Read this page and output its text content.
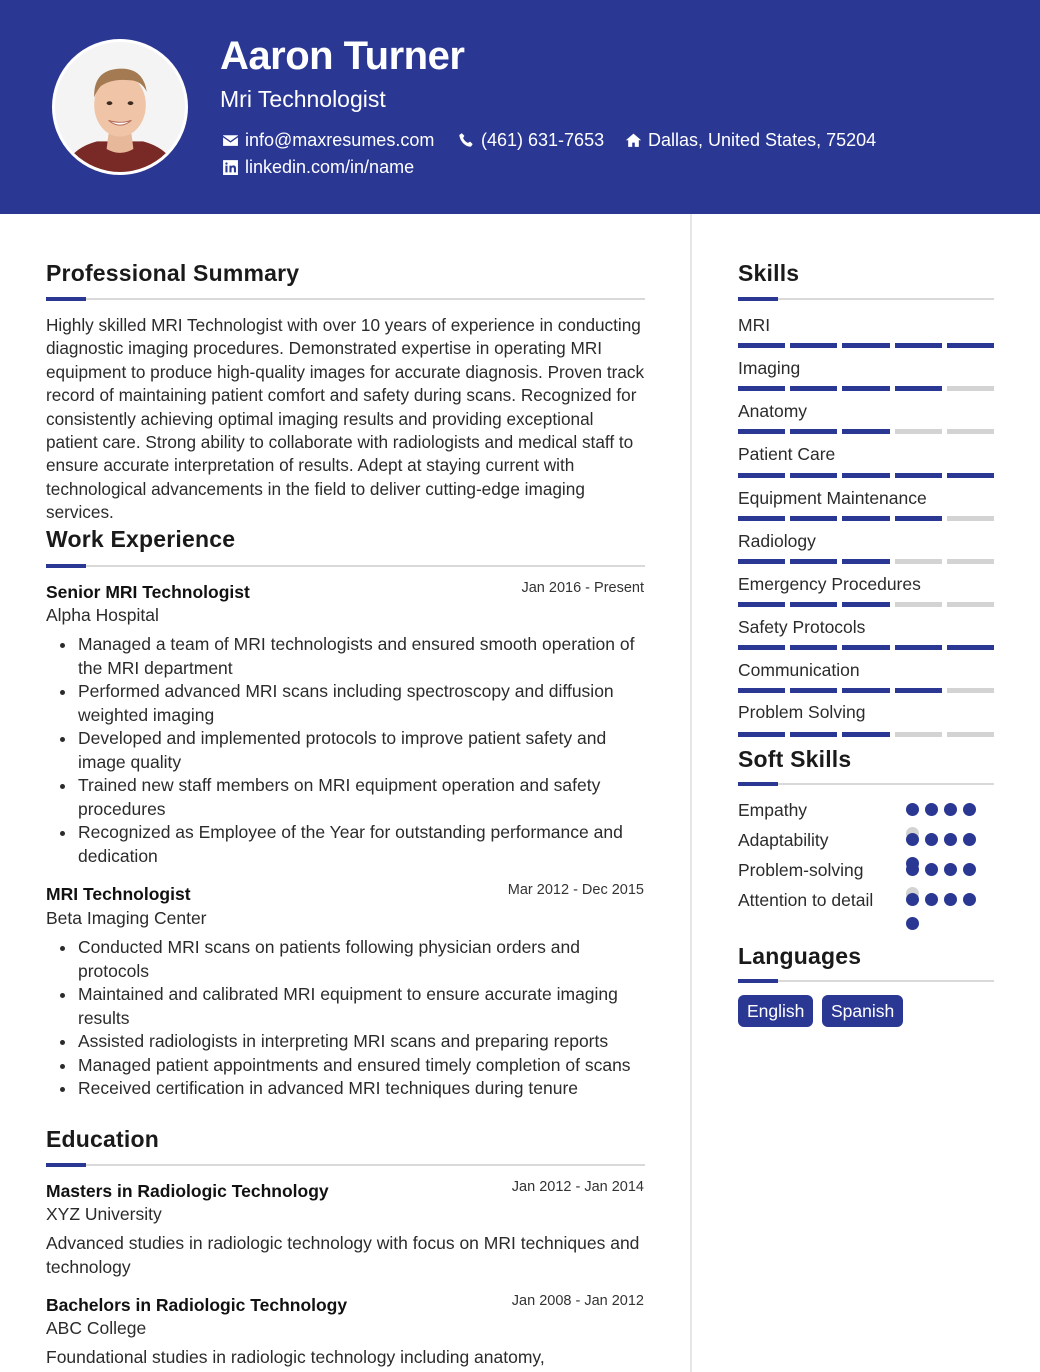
Aaron Turner
Mri Technologist
info@maxresumes.com	(461) 631-7653 Dallas, United States, 75204
linkedin.com/in/name
Professional Summary
Highly skilled MRI Technologist with over 10 years of experience in conducting diagnostic imaging procedures. Demonstrated expertise in operating MRI equipment to produce high-quality images for accurate diagnosis. Proven track record of maintaining patient comfort and safety during scans. Recognized for consistently achieving optimal imaging results and providing exceptional patient care. Strong ability to collaborate with radiologists and medical staff to ensure accurate interpretation of results. Adept at staying current with technological advancements in the field to deliver cutting-edge imaging services.
Work Experience
Senior MRI Technologist	Jan 2016 - Present
Alpha Hospital
Managed a team of MRI technologists and ensured smooth operation of the MRI department
Performed advanced MRI scans including spectroscopy and diffusion weighted imaging
Developed and implemented protocols to improve patient safety and image quality
Trained new staff members on MRI equipment operation and safety procedures
Recognized as Employee of the Year for outstanding performance and dedication
MRI Technologist	Mar 2012 - Dec 2015
Beta Imaging Center
Conducted MRI scans on patients following physician orders and protocols
Maintained and calibrated MRI equipment to ensure accurate imaging results
Assisted radiologists in interpreting MRI scans and preparing reports
Managed patient appointments and ensured timely completion of scans
Received certification in advanced MRI techniques during tenure
Education
Masters in Radiologic Technology	Jan 2012 - Jan 2014
XYZ University
Advanced studies in radiologic technology with focus on MRI techniques and technology
Bachelors in Radiologic Technology	Jan 2008 - Jan 2012
ABC College
Foundational studies in radiologic technology including anatomy,
Skills
MRI
Imaging
Anatomy
Patient Care
Equipment Maintenance
Radiology
Emergency Procedures
Safety Protocols
Communication
Problem Solving
Soft Skills
Empathy
Adaptability
Problem-solving
Attention to detail
Languages
English	Spanish
